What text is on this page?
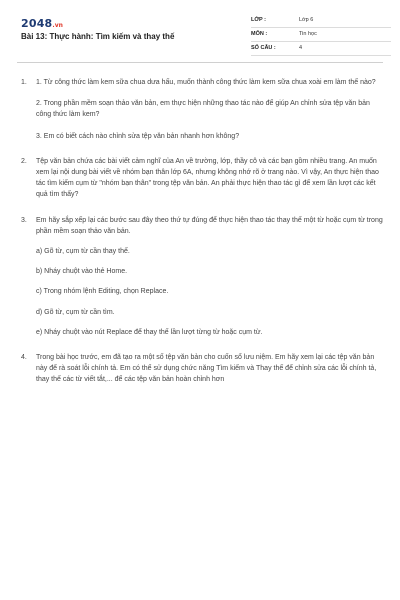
2048.vn
Bài 13: Thực hành: Tìm kiếm và thay thế
LỚP :	Lớp 6
MÔN :	Tin học
SỐ CÂU :	4
1. 1. Từ công thức làm kem sữa chua dưa hấu, muốn thành công thức làm kem sữa chua xoài em làm thế nào?

2. Trong phần mềm soạn thảo văn bản, em thực hiện những thao tác nào để giúp An chỉnh sửa tệp văn bản công thức làm kem?

3. Em có biết cách nào chỉnh sửa tệp văn bản nhanh hơn không?

2. Tệp văn bản chứa các bài viết cảm nghĩ của An về trường, lớp, thầy cô và các bạn gồm nhiều trang. An muốn xem lại nội dung bài viết về nhóm bạn thân lớp 6A, nhưng không nhớ rõ ở trang nào. Vì vậy, An thực hiện thao tác tìm kiếm cụm từ "nhóm bạn thân" trong tệp văn bản. An phải thực hiện thao tác gì để xem lần lượt các kết quả tìm thấy?

3. Em hãy sắp xếp lại các bước sau đây theo thứ tự đúng để thực hiện thao tác thay thế một từ hoặc cụm từ trong phần mềm soạn thảo văn bản.

a) Gõ từ, cụm từ cần thay thế.

b) Nháy chuột vào thẻ Home.

c) Trong nhóm lệnh Editing, chọn Replace.

d) Gõ từ, cụm từ cần tìm.

e) Nháy chuột vào nút Replace để thay thế lần lượt từng từ hoặc cụm từ.

4. Trong bài học trước, em đã tạo ra một số tệp văn bản cho cuốn sổ lưu niệm. Em hãy xem lại các tệp văn bản này để rà soát lỗi chính tả. Em có thể sử dụng chức năng Tìm kiếm và Thay thế để chỉnh sửa các lỗi chính tả, thay thế các từ viết tắt,... để các tệp văn bản hoàn chỉnh hơn
